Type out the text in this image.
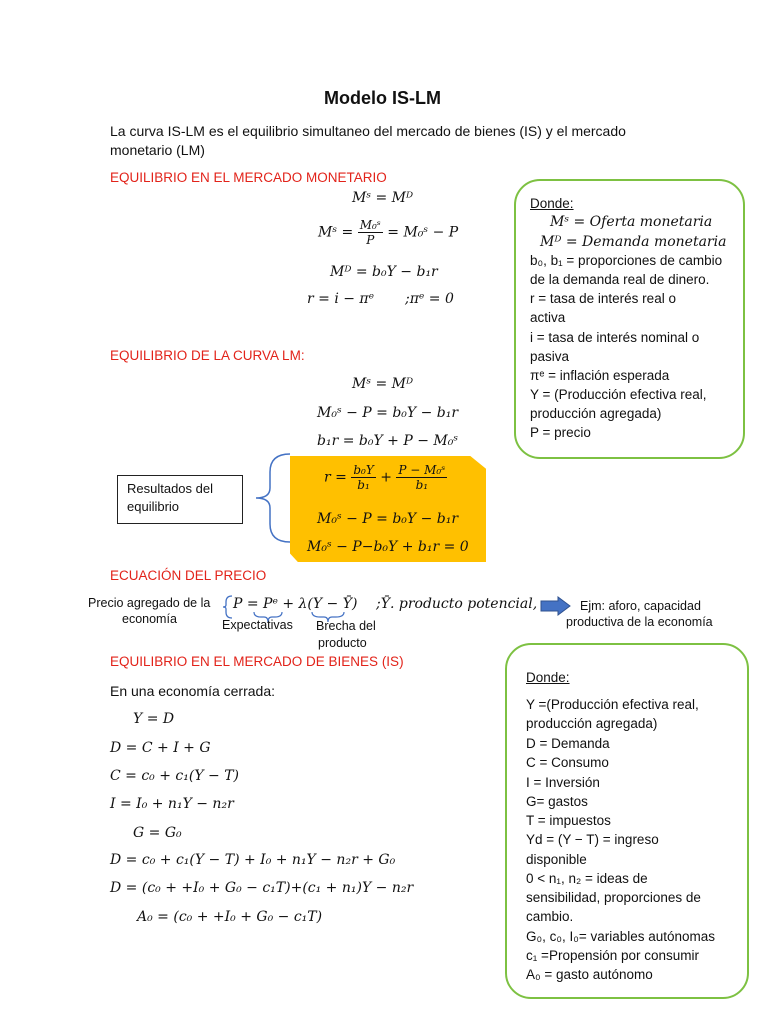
Modelo IS-LM
La curva IS-LM es el equilibrio simultaneo del mercado de bienes (IS) y el mercado
monetario (LM)
EQUILIBRIO EN EL MERCADO MONETARIO
Mˢ = Mᴰ
Mˢ = $\frac{\text{M₀ˢ}}{P}$ = M₀ˢ − P
Mᴰ = b₀Y − b₁r
r = i − πᵉ ;πᵉ = 0
Donde:
Mˢ = Oferta monetaria
Mᴰ = Demanda monetaria
b₀, b₁ = proporciones de cambio
de la demanda real de dinero.
r = tasa de interés real o
activa
i = tasa de interés nominal o
pasiva
πᵉ = inflación esperada
Y = (Producción efectiva real,
producción agregada)
P = precio
EQUILIBRIO DE LA CURVA LM:
Mˢ = Mᴰ
M₀ˢ − P = b₀Y − b₁r
b₁r = b₀Y + P − M₀ˢ
Resultados del
equilibrio
$r = \frac{\text{b₀Y}}{\text{b₁}} + \frac{\text{P − M₀ˢ}}{\text{b₁}}$
M₀ˢ − P = b₀Y − b₁r
M₀ˢ − P−b₀Y + b₁r = 0
ECUACIÓN DEL PRECIO
Precio agregado de la
economía
P = Pᵉ + λ(Y − Ȳ) ;Ȳ. producto potencial,
Expectativas Brecha del
producto
Ejm: aforo, capacidad
productiva de la economía
EQUILIBRIO EN EL MERCADO DE BIENES (IS)
En una economía cerrada:
Y = D
D = C + I + G
C = c₀ + c₁(Y − T)
I = I₀ + n₁Y − n₂r
G = G₀
D = c₀ + c₁(Y − T) + I₀ + n₁Y − n₂r + G₀
D = (c₀ + +I₀ + G₀ − c₁T)+(c₁ + n₁)Y − n₂r
A₀ = (c₀ + +I₀ + G₀ − c₁T)
Donde:
Y =(Producción efectiva real,
producción agregada)
D = Demanda
C = Consumo
I = Inversión
G= gastos
T = impuestos
Yd = (Y − T) = ingreso
disponible
0 < n₁, n₂ = ideas de
sensibilidad, proporciones de
cambio.
G₀, c₀, I₀= variables autónomas
c₁ =Propensión por consumir
A₀ = gasto autónomo
